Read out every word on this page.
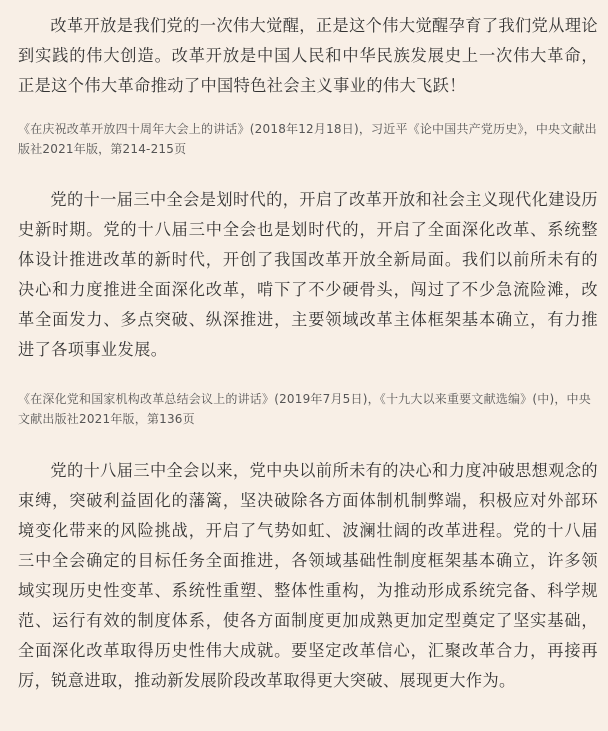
改革开放是我们党的一次伟大觉醒，正是这个伟大觉醒孕育了我们党从理论到实践的伟大创造。改革开放是中国人民和中华民族发展史上一次伟大革命，正是这个伟大革命推动了中国特色社会主义事业的伟大飞跃！

《在庆祝改革开放四十周年大会上的讲话》(2018年12月18日)，习近平《论中国共产党历史》，中央文献出版社2021年版，第214-215页

党的十一届三中全会是划时代的，开启了改革开放和社会主义现代化建设历史新时期。党的十八届三中全会也是划时代的，开启了全面深化改革、系统整体设计推进改革的新时代，开创了我国改革开放全新局面。我们以前所未有的决心和力度推进全面深化改革，啃下了不少硬骨头，闯过了不少急流险滩，改革全面发力、多点突破、纵深推进，主要领域改革主体框架基本确立，有力推进了各项事业发展。

《在深化党和国家机构改革总结会议上的讲话》(2019年7月5日)，《十九大以来重要文献选编》(中)，中央文献出版社2021年版，第136页

党的十八届三中全会以来，党中央以前所未有的决心和力度冲破思想观念的束缚，突破利益固化的藩篱，坚决破除各方面体制机制弊端，积极应对外部环境变化带来的风险挑战，开启了气势如虹、波澜壮阔的改革进程。党的十八届三中全会确定的目标任务全面推进，各领域基础性制度框架基本确立，许多领域实现历史性变革、系统性重塑、整体性重构，为推动形成系统完备、科学规范、运行有效的制度体系，使各方面制度更加成熟更加定型奠定了坚实基础，全面深化改革取得历史性伟大成就。要坚定改革信心，汇聚改革合力，再接再厉，锐意进取，推动新发展阶段改革取得更大突破、展现更大作为。
